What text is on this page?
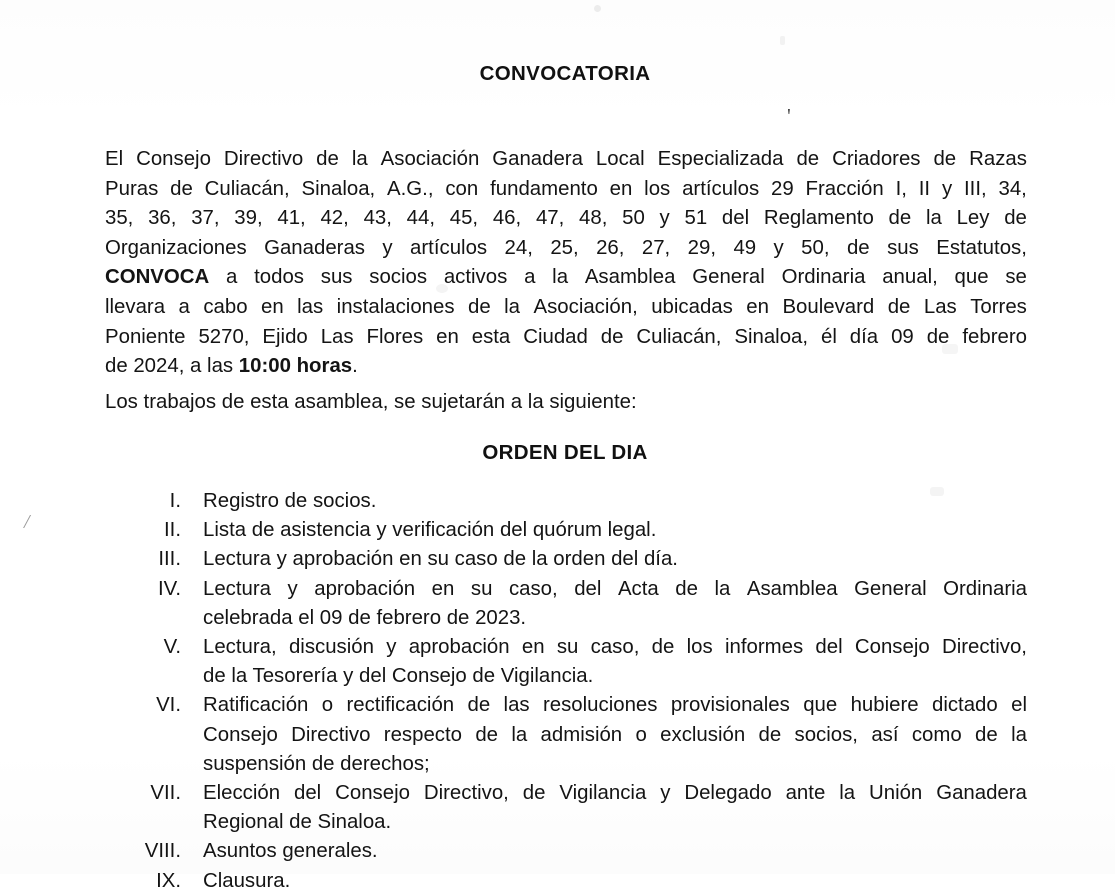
CONVOCATORIA
'
/
El Consejo Directivo de la Asociación Ganadera Local Especializada de Criadores de Razas
Puras de Culiacán, Sinaloa, A.G., con fundamento en los artículos 29 Fracción I, II y III, 34,
35, 36, 37, 39, 41, 42, 43, 44, 45, 46, 47, 48, 50 y 51 del Reglamento de la Ley de
Organizaciones Ganaderas y artículos 24, 25, 26, 27, 29, 49 y 50, de sus Estatutos,
CONVOCA a todos sus socios activos a la Asamblea General Ordinaria anual, que se
llevara a cabo en las instalaciones de la Asociación, ubicadas en Boulevard de Las Torres
Poniente 5270, Ejido Las Flores en esta Ciudad de Culiacán, Sinaloa, él día 09 de febrero
de 2024, a las 10:00 horas.
Los trabajos de esta asamblea, se sujetarán a la siguiente:
ORDEN DEL DIA
I. Registro de socios.
II. Lista de asistencia y verificación del quórum legal.
III. Lectura y aprobación en su caso de la orden del día.
IV. Lectura y aprobación en su caso, del Acta de la Asamblea General Ordinaria
celebrada el 09 de febrero de 2023.
V. Lectura, discusión y aprobación en su caso, de los informes del Consejo Directivo,
de la Tesorería y del Consejo de Vigilancia.
VI. Ratificación o rectificación de las resoluciones provisionales que hubiere dictado el
Consejo Directivo respecto de la admisión o exclusión de socios, así como de la
suspensión de derechos;
VII. Elección del Consejo Directivo, de Vigilancia y Delegado ante la Unión Ganadera
Regional de Sinaloa.
VIII. Asuntos generales.
IX. Clausura.
